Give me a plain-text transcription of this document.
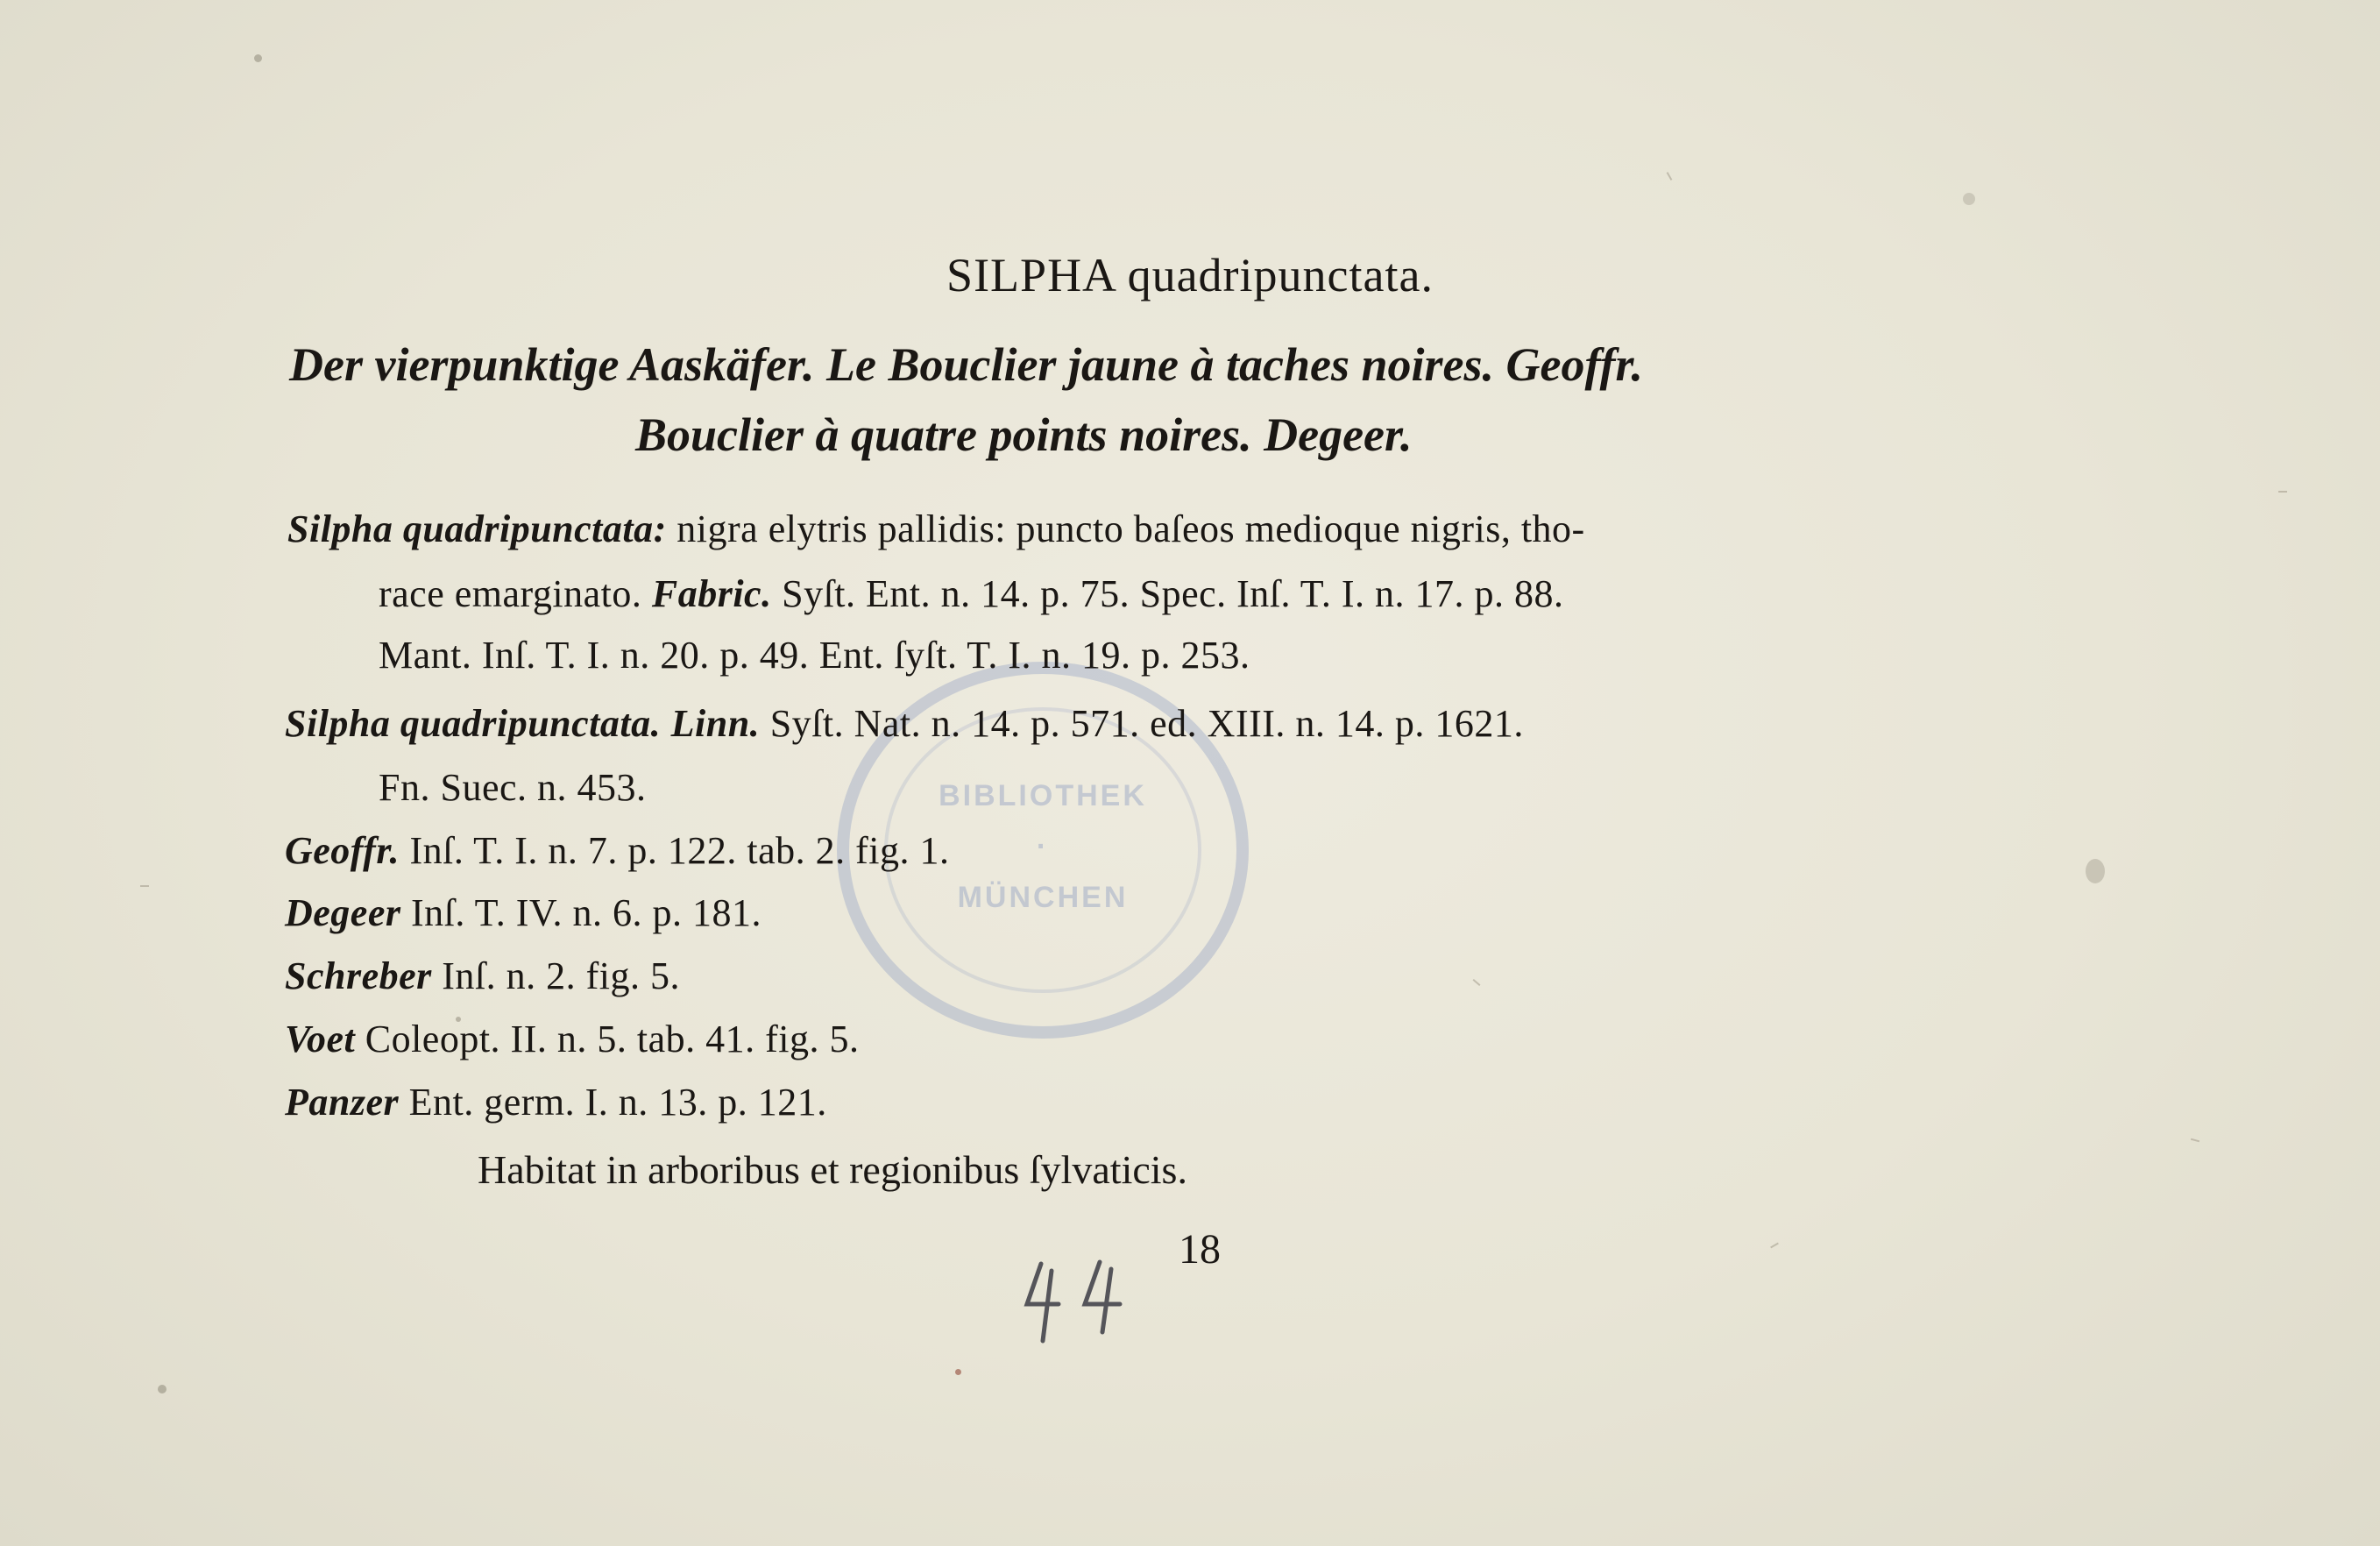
BIBLIOTHEK
·
MÜNCHEN
SILPHA quadripunctata.
Der vierpunktige Aaskäfer. Le Bouclier jaune à taches noires. Geoffr.
Bouclier à quatre points noires. Degeer.
Silpha quadripunctata: nigra elytris pallidis: puncto baſeos medioque nigris, tho-
race emarginato. Fabric. Syſt. Ent. n. 14. p. 75. Spec. Inſ. T. I. n. 17. p. 88.
Mant. Inſ. T. I. n. 20. p. 49. Ent. ſyſt. T. I. n. 19. p. 253.
Silpha quadripunctata. Linn. Syſt. Nat. n. 14. p. 571. ed. XIII. n. 14. p. 1621.
Fn. Suec. n. 453.
Geoffr. Inſ. T. I. n. 7. p. 122. tab. 2. fig. 1.
Degeer Inſ. T. IV. n. 6. p. 181.
Schreber Inſ. n. 2. fig. 5.
Voet Coleopt. II. n. 5. tab. 41. fig. 5.
Panzer Ent. germ. I. n. 13. p. 121.
Habitat in arboribus et regionibus ſylvaticis.
18
